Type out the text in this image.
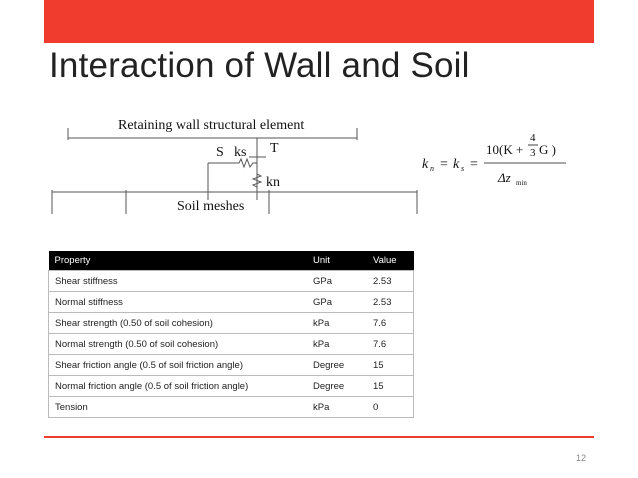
Interaction of Wall and Soil
Retaining wall structural element
T
S ks
kn
Soil meshes
k n = k s =
10(K +
4
3 G )
Δz min
Property	Unit	Value
Shear stiffness	GPa	2.53
Normal stiffness	GPa	2.53
Shear strength (0.50 of soil cohesion)	kPa	7.6
Normal strength (0.50 of soil cohesion)	kPa	7.6
Shear friction angle (0.5 of soil friction angle)	Degree	15
Normal friction angle (0.5 of soil friction angle)	Degree	15
Tension	kPa	0
12
